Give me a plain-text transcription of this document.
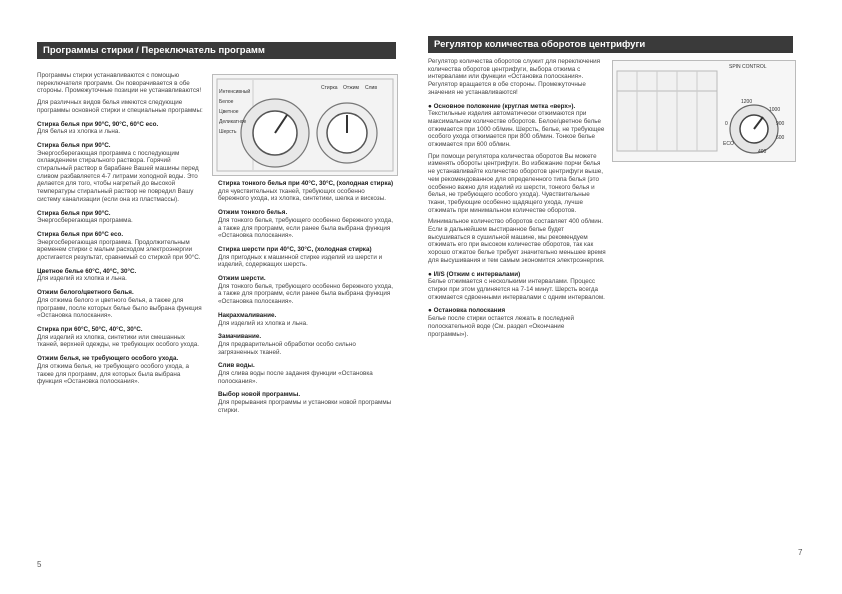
Программы стирки / Переключатель программ
Интенсивный
Белое
Цветное
Деликатное
Шерсть
Стирка Отжим Слив

Программы стирки устанавливаются с помощью переключателя программ. Он поворачивается в обе стороны. Промежуточные позиции не устанавливаются!

Для различных видов белья имеются следующие программы основной стирки и специальные программы:

Стирка белья при 90°C, 90°C, 60°C eco.
Для белья из хлопка и льна.
Стирка белья при 90°C.
Энергосберегающая программа с последующим охлаждением стирального раствора. Горячий стиральный раствор в барабане Вашей машины перед сливом разбавляется 4-7 литрами холодной воды. Это делается для того, чтобы нагретый до высокой температуры стиральный раствор не повредил Вашу систему канализации (если она из пластмассы).
Стирка белья при 90°C.
Энергосберегающая программа.
Стирка белья при 60°C eco.
Энергосберегающая программа. Продолжительным временем стирки с малым расходом электроэнергии достигается результат, сравнимый со стиркой при 90°C.
Цветное белье 60°C, 40°C, 30°C.
Для изделий из хлопка и льна.
Отжим белого/цветного белья.
Для отжима белого и цветного белья, а также для программ, после которых белье было выбрана функция «Остановка полоскания».
Стирка при 60°C, 50°C, 40°C, 30°C.
Для изделий из хлопка, синтетики или смешанных тканей, верхней одежды, не требующих особого ухода.
Отжим белья, не требующего особого ухода.
Для отжима белья, не требующего особого ухода, а также для программ, для которых была выбрана функция «Остановка полоскания».
Стирка тонкого белья при 40°C, 30°C, (холодная стирка)
для чувствительных тканей, требующих особенно бережного ухода, из хлопка, синтетики, шелка и вискозы.
Отжим тонкого белья.
Для тонкого белья, требующего особенно бережного ухода, а также для программ, если ранее была выбрана функция «Остановка полоскания».
Стирка шерсти при 40°C, 30°C, (холодная стирка)
Для пригодных к машинной стирке изделий из шерсти и изделий, содержащих шерсть.
Отжим шерсти.
Для тонкого белья, требующего особенно бережного ухода, а также для программ, если ранее была выбрана функция «Остановка полоскания».
Накрахмаливание.
Для изделий из хлопка и льна.
Замачивание.
Для предварительной обработки особо сильно загрязненных тканей.
Слив воды.
Для слива воды после задания функции «Остановка полоскания».
Выбор новой программы.
Для прерывания программы и установки новой программы стирки.
5
Регулятор количества оборотов центрифуги
SPIN CONTROL
1200
1000
900
600
400
ECO
0

Регулятор количества оборотов служит для переключения количества оборотов центрифуги, выбора отжима с интервалами или функции «Остановка полоскания». Регулятор вращается в обе стороны. Промежуточные значения не устанавливаются!

● Основное положение (круглая метка «верх»).
Текстильные изделия автоматически отжимаются при максимальном количестве оборотов. Белое/цветное белье отжимается при 1000 об/мин. Шерсть, белье, не требующее особого ухода отжимается при 800 об/мин. Тонкое белье отжимается при 600 об/мин.

При помощи регулятора количества оборотов Вы можете изменять обороты центрифуги. Во избежание порчи белья не устанавливайте количество оборотов центрифуги выше, чем рекомендованное для определенного типа белья (это особенно важно для изделий из шерсти, тонкого белья и белья, не требующего особого ухода). Чувствительные ткани, требующие особенно щадящего ухода, лучше отжимать при минимальном количестве оборотов.

Минимальное количество оборотов составляет 400 об/мин. Если в дальнейшем выстиранное белье будет высушиваться в сушильной машине, мы рекомендуем отжимать его при высоком количестве оборотов, так как хорошо отжатое белье требует значительно меньшее время для высушивания и тем самым экономится электроэнергия.

● I/I/S (Отжим с интервалами)
Белье отжимается с несколькими интервалами. Процесс стирки при этом удлиняется на 7-14 минут. Шерсть всегда отжимается сдвоенными интервалами с одним интервалом.
● Остановка полоскания
Белье после стирки остается лежать в последней полоскательной воде (См. раздел «Окончание программы»).
7
